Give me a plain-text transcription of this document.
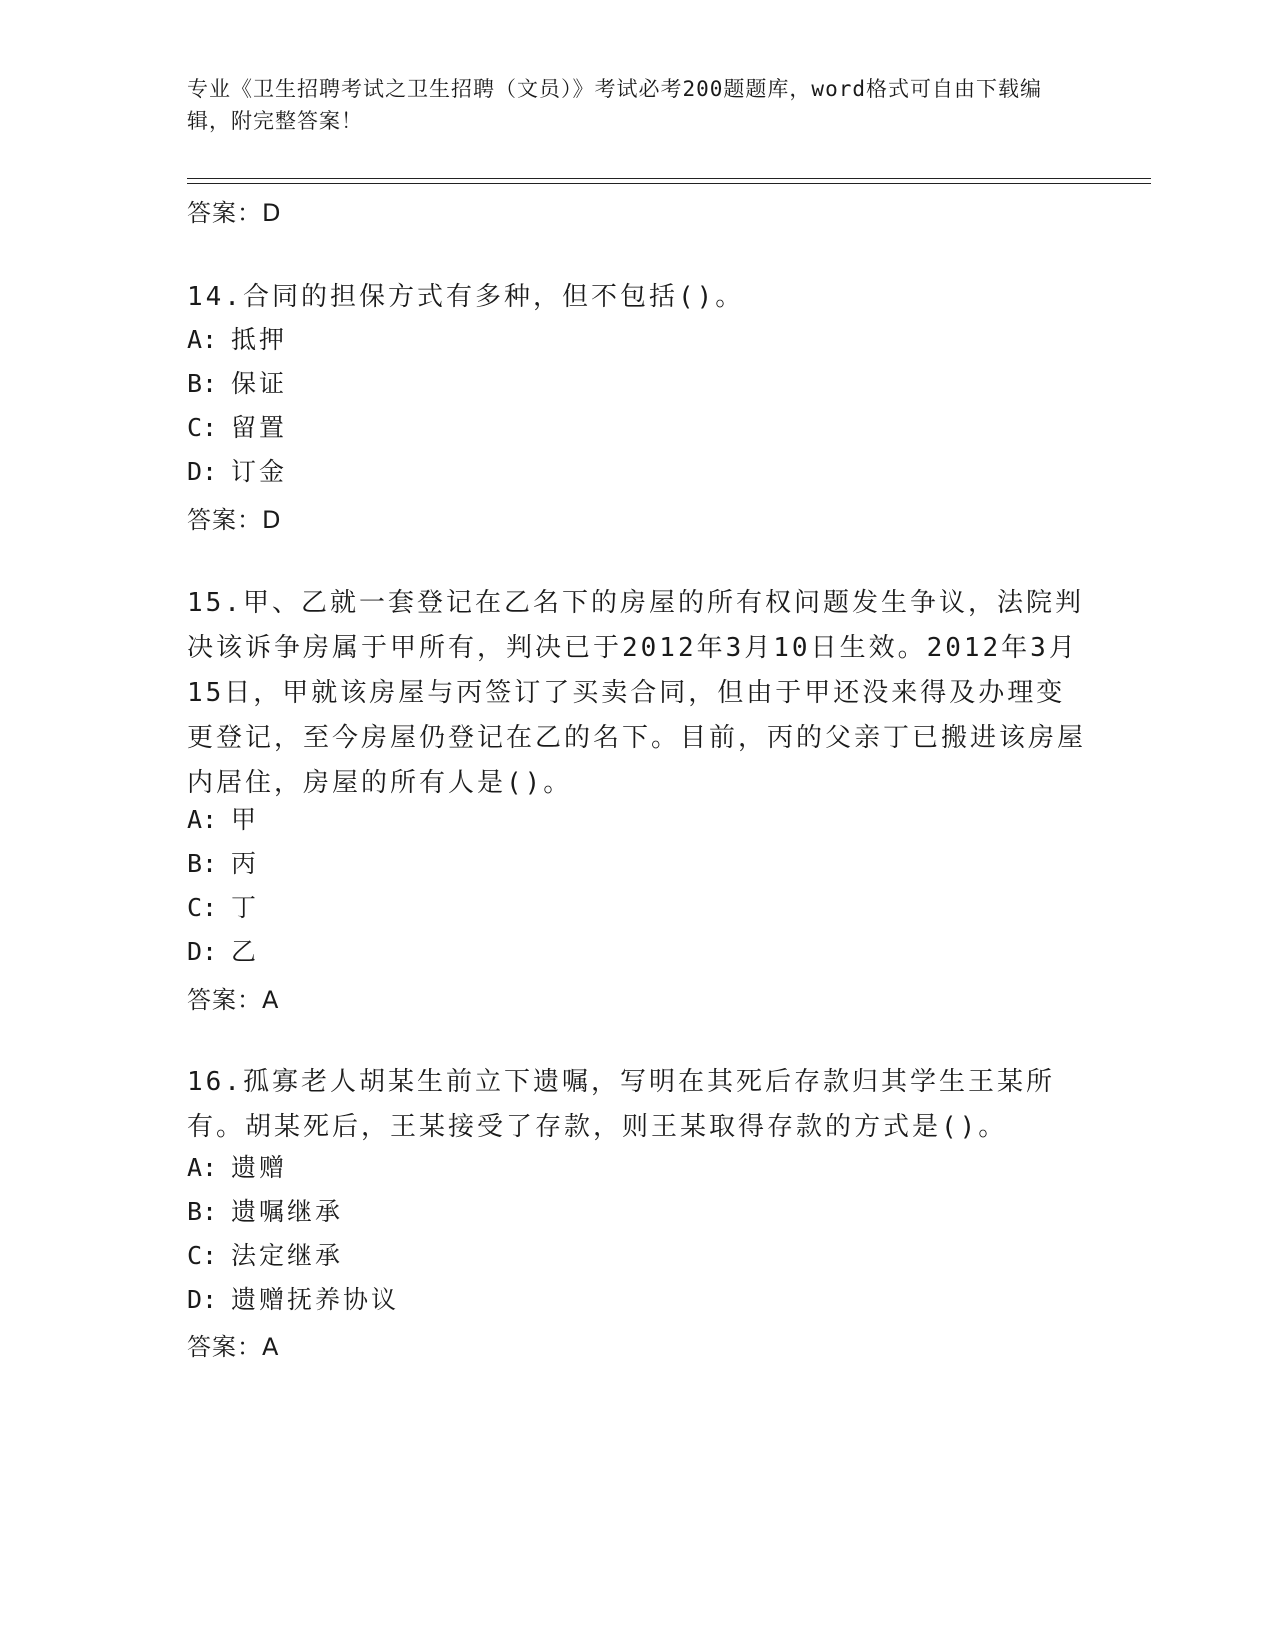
专业《卫生招聘考试之卫生招聘（文员）》考试必考200题题库，word格式可自由下载编辑，附完整答案！
答案：D
14.合同的担保方式有多种，但不包括()。
A: 抵押
B: 保证
C: 留置
D: 订金
答案：D
15.甲、乙就一套登记在乙名下的房屋的所有权问题发生争议，法院判决该诉争房属于甲所有，判决已于2012年3月10日生效。2012年3月15日，甲就该房屋与丙签订了买卖合同，但由于甲还没来得及办理变更登记，至今房屋仍登记在乙的名下。目前，丙的父亲丁已搬进该房屋内居住，房屋的所有人是()。
A: 甲
B: 丙
C: 丁
D: 乙
答案：A
16.孤寡老人胡某生前立下遗嘱，写明在其死后存款归其学生王某所有。胡某死后，王某接受了存款，则王某取得存款的方式是()。
A: 遗赠
B: 遗嘱继承
C: 法定继承
D: 遗赠抚养协议
答案：A
